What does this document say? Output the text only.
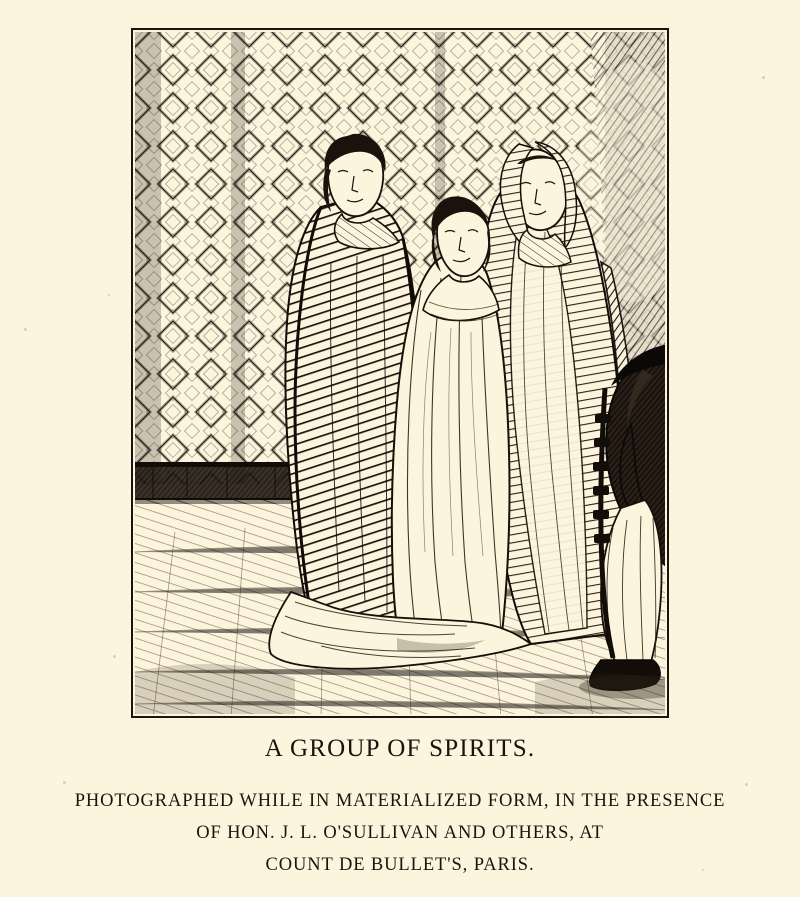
A GROUP OF SPIRITS.
PHOTOGRAPHED WHILE IN MATERIALIZED FORM, IN THE PRESENCE
OF HON. J. L. O'SULLIVAN AND OTHERS, AT
COUNT DE BULLET'S, PARIS.
